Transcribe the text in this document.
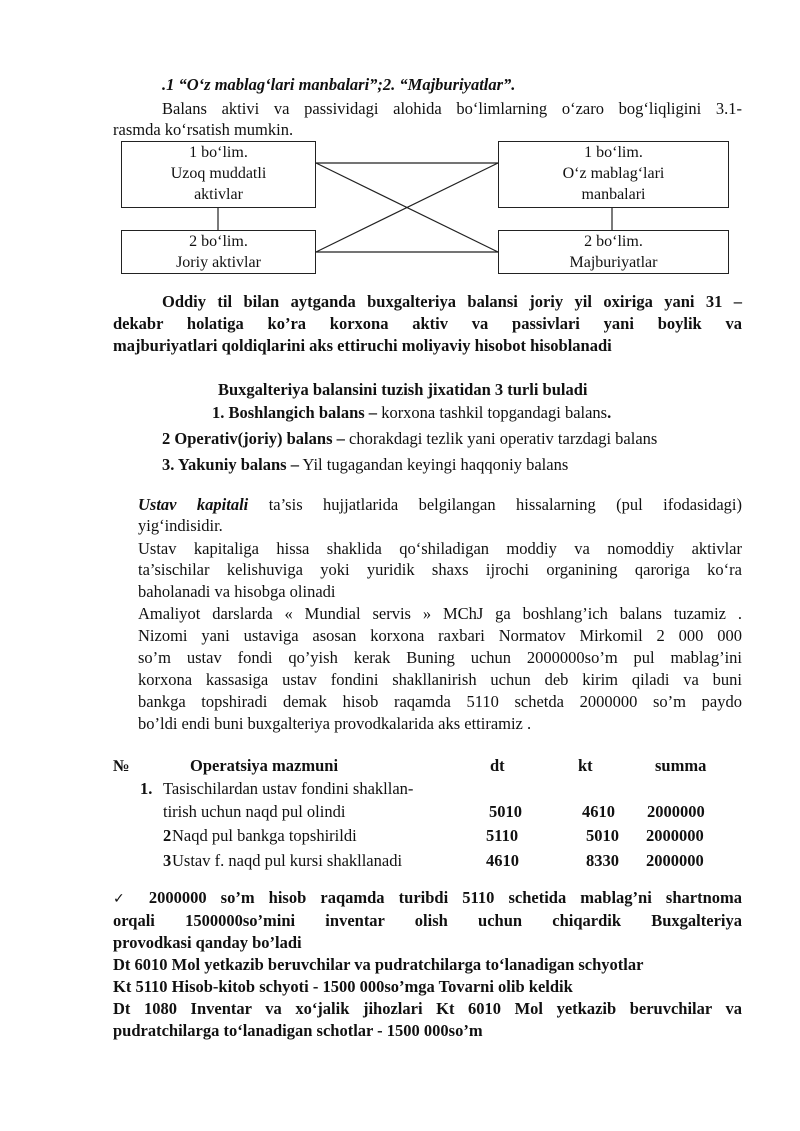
.1 “O‘z mablag‘lari manbalari”;2. “Majburiyatlar”.
Balans aktivi va passividagi alohida bo‘limlarning o‘zaro bog‘liqligini 3.1-
rasmda ko‘rsatish mumkin.
1 bo‘lim.
Uzoq muddatli
aktivlar
2 bo‘lim.
Joriy aktivlar
1 bo‘lim.
O‘z mablag‘lari
manbalari
2 bo‘lim.
Majburiyatlar
Oddiy til bilan aytganda buxgalteriya balansi joriy yil oxiriga yani 31 –
dekabr holatiga ko’ra korxona aktiv va passivlari yani boylik va
majburiyatlari qoldiqlarini aks ettiruchi moliyaviy hisobot hisoblanadi
Buxgalteriya balansini tuzish jixatidan 3 turli buladi
1. Boshlangich balans – korxona tashkil topgandagi balans.
2 Operativ(joriy) balans – chorakdagi tezlik yani operativ tarzdagi balans
3. Yakuniy balans – Yil tugagandan keyingi haqqoniy balans
Ustav kapitali ta’sis hujjatlarida belgilangan hissalarning (pul ifodasidagi)
yig‘indisidir.
Ustav kapitaliga hissa shaklida qo‘shiladigan moddiy va nomoddiy aktivlar
ta’sischilar kelishuviga yoki yuridik shaxs ijrochi organining qaroriga ko‘ra
baholanadi va hisobga olinadi
Amaliyot darslarda « Mundial servis » MChJ ga boshlang’ich balans tuzamiz .
Nizomi yani ustaviga asosan korxona raxbari Normatov Mirkomil 2 000 000
so’m ustav fondi qo’yish kerak Buning uchun 2000000so’m pul mablag’ini
korxona kassasiga ustav fondini shakllanirish uchun deb kirim qiladi va buni
bankga topshiradi demak hisob raqamda 5110 schetda 2000000 so’m paydo
bo’ldi endi buni buxgalteriya provodkalarida aks ettiramiz .
№	Operatsiya mazmuni	dt	kt	summa
1. Tasischilardan ustav fondini shakllan-
tirish uchun naqd pul olindi	5010	4610 2000000
2 Naqd pul bankga topshirildi	5110	5010 2000000
3 Ustav f. naqd pul kursi shakllanadi	4610	8330 2000000
✓ 2000000 so’m hisob raqamda turibdi 5110 schetida mablag’ni shartnoma
orqali 1500000so’mini inventar olish uchun chiqardik Buxgalteriya
provodkasi qanday bo’ladi
Dt 6010 Mol yetkazib beruvchilar va pudratchilarga to‘lanadigan schyotlar
Kt 5110 Hisob-kitob schyoti - 1500 000so’mga Tovarni olib keldik
Dt 1080 Inventar va xo‘jalik jihozlari Kt 6010 Mol yetkazib beruvchilar va
pudratchilarga to‘lanadigan schotlar - 1500 000so’m
